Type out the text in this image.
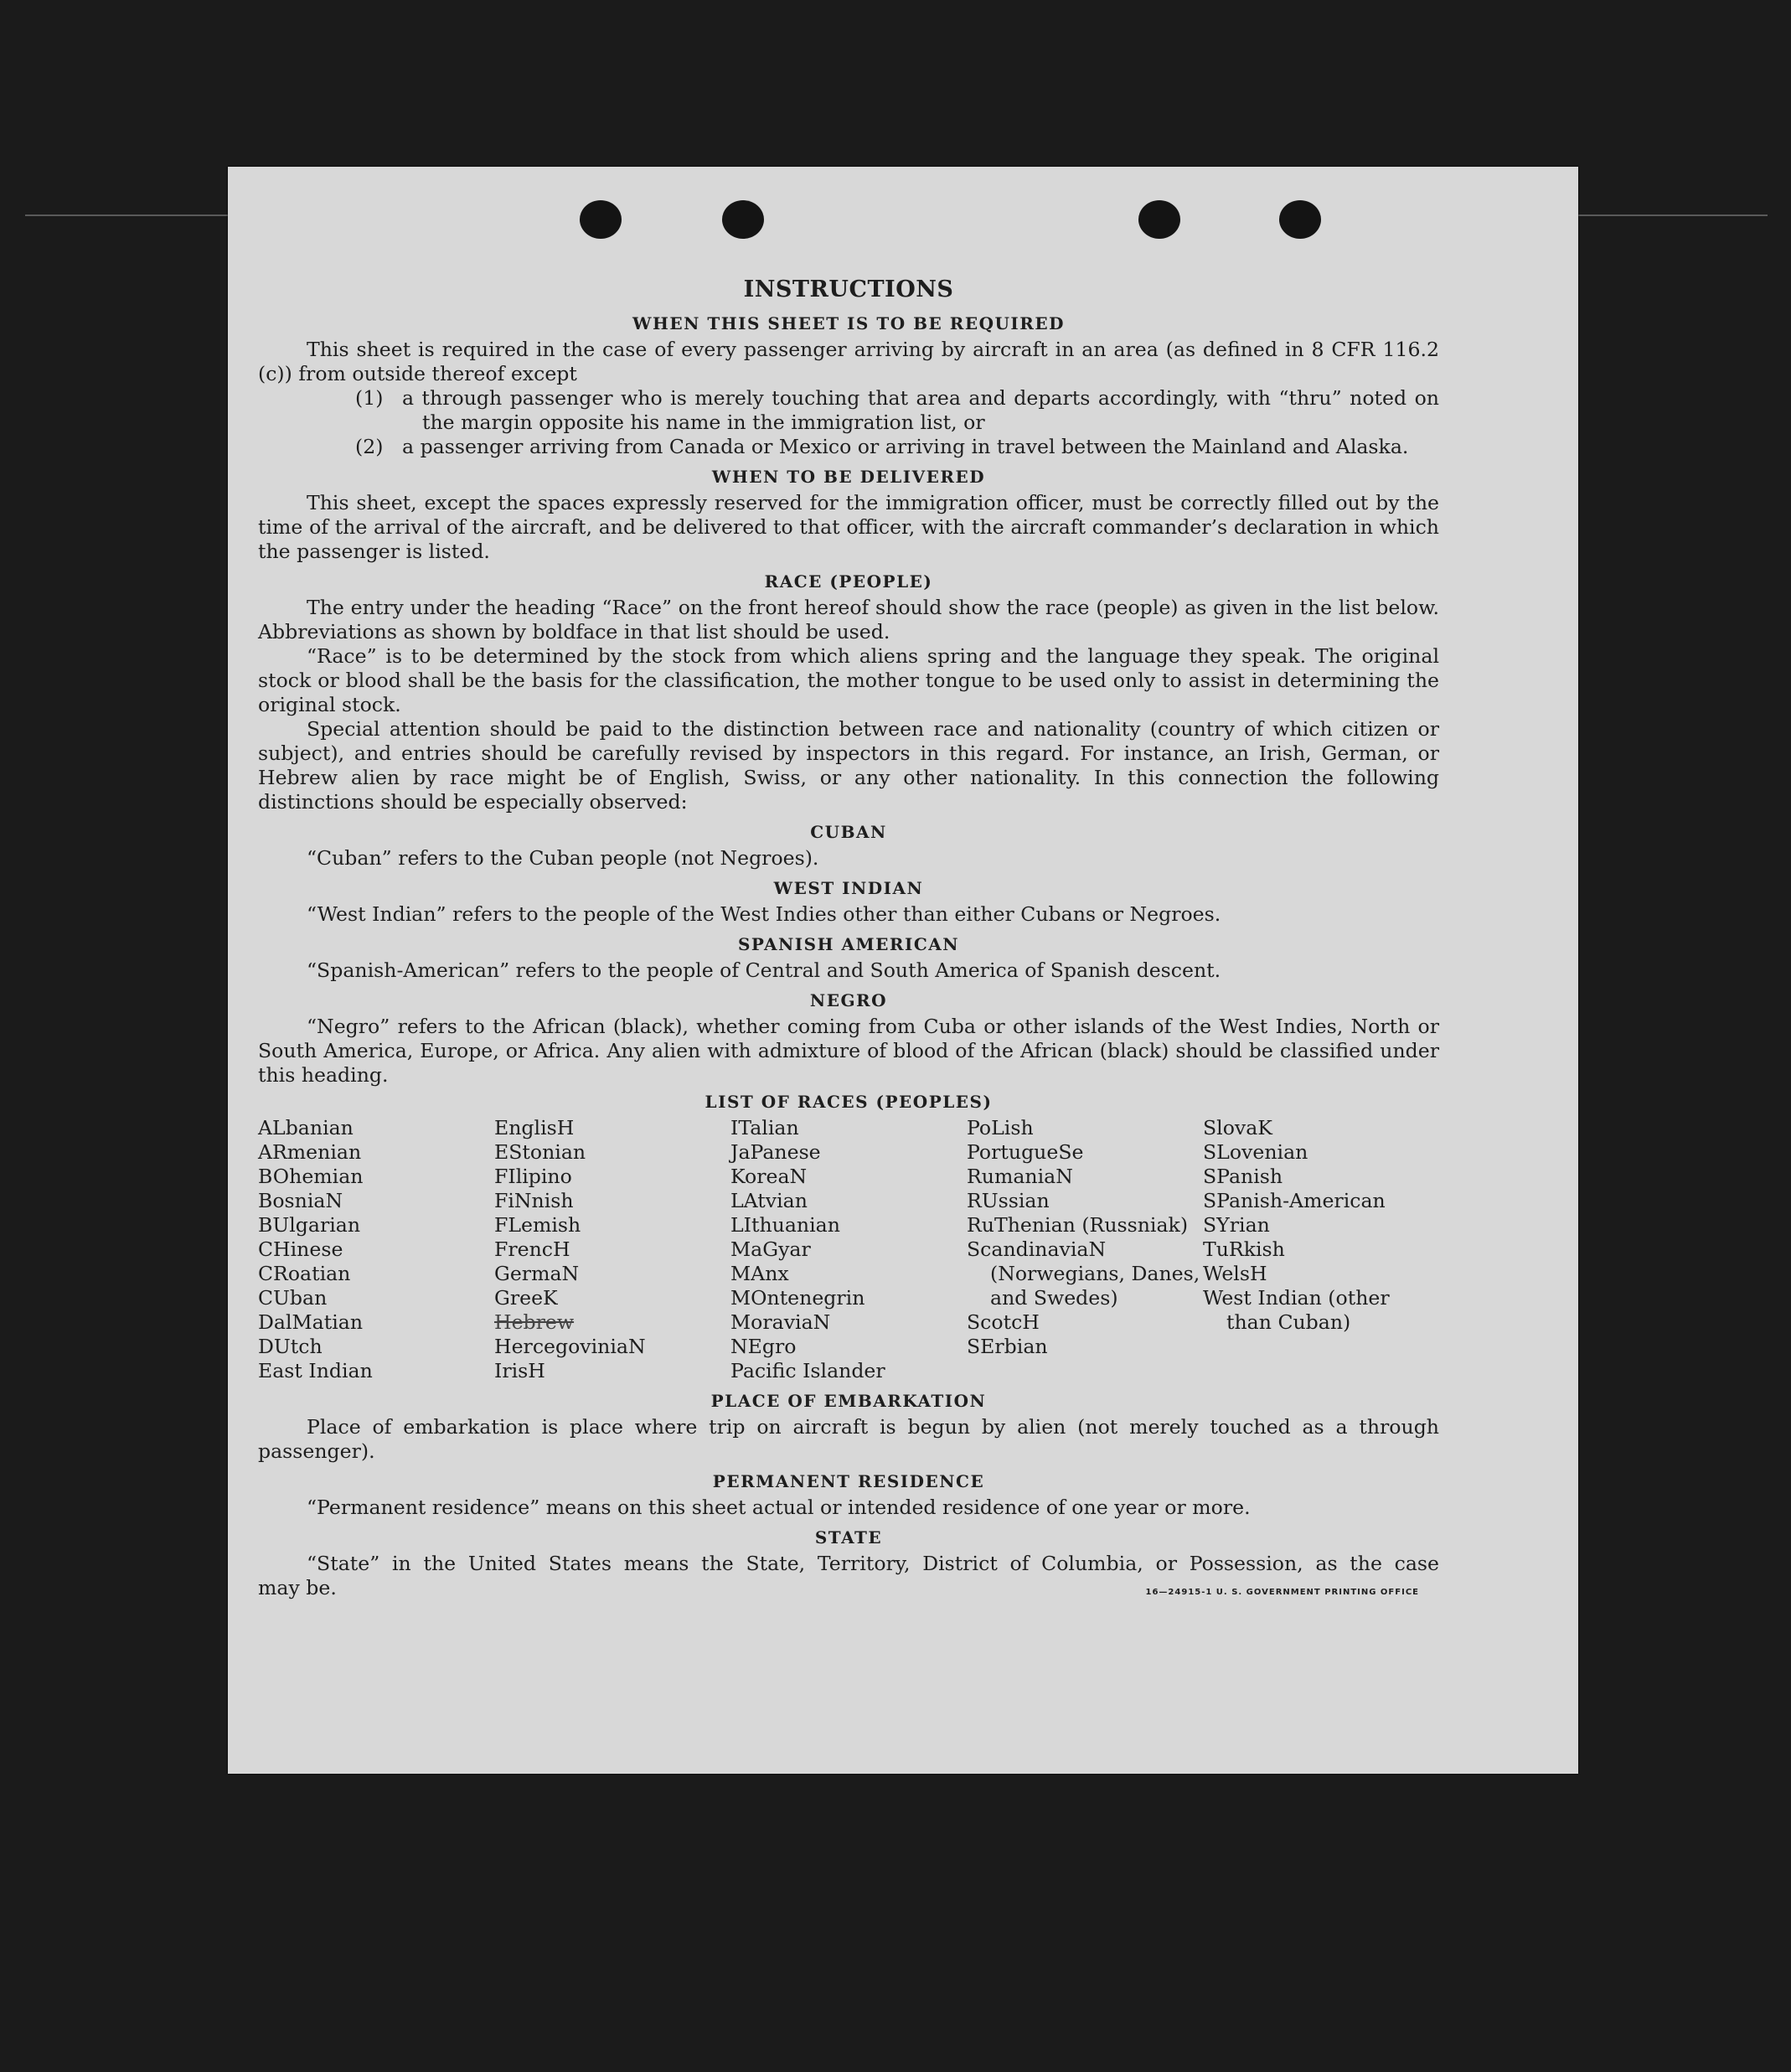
INSTRUCTIONS
WHEN THIS SHEET IS TO BE REQUIRED

This sheet is required in the case of every passenger arriving by aircraft in an area (as defined in 8 CFR 116.2 (c)) from outside thereof except

(1) a through passenger who is merely touching that area and departs accordingly, with “thru” noted on the margin opposite his name in the immigration list, or
(2) a passenger arriving from Canada or Mexico or arriving in travel between the Mainland and Alaska.
WHEN TO BE DELIVERED

This sheet, except the spaces expressly reserved for the immigration officer, must be correctly filled out by the time of the arrival of the aircraft, and be delivered to that officer, with the aircraft commander’s declaration in which the passenger is listed.

RACE (PEOPLE)

The entry under the heading “Race” on the front hereof should show the race (people) as given in the list below. Abbreviations as shown by boldface in that list should be used.

“Race” is to be determined by the stock from which aliens spring and the language they speak. The original stock or blood shall be the basis for the classification, the mother tongue to be used only to assist in determining the original stock.

Special attention should be paid to the distinction between race and nationality (country of which citizen or subject), and entries should be carefully revised by inspectors in this regard. For instance, an Irish, German, or Hebrew alien by race might be of English, Swiss, or any other nationality. In this connection the following distinctions should be especially observed:

CUBAN

“Cuban” refers to the Cuban people (not Negroes).

WEST INDIAN

“West Indian” refers to the people of the West Indies other than either Cubans or Negroes.

SPANISH AMERICAN

“Spanish-American” refers to the people of Central and South America of Spanish descent.

NEGRO

“Negro” refers to the African (black), whether coming from Cuba or other islands of the West Indies, North or South America, Europe, or Africa. Any alien with admixture of blood of the African (black) should be classified under this heading.

LIST OF RACES (PEOPLES)
ALbanian
ARmenian
BOhemian
BosniaN
BUlgarian
CHinese
CRoatian
CUban
DalMatian
DUtch
East Indian
EnglisH
EStonian
FIlipino
FiNnish
FLemish
FrencH
GermaN
GreeK
Hebrew
HercegoviniaN
IrisH
ITalian
JaPanese
KoreaN
LAtvian
LIthuanian
MaGyar
MAnx
MOntenegrin
MoraviaN
NEgro
Pacific Islander
PoLish
PortugueSe
RumaniaN
RUssian
RuThenian (Russniak)
ScandinaviaN (Norwegians, Danes, and Swedes)
ScotcH
SErbian
SlovaK
SLovenian
SPanish
SPanish-American
SYrian
TuRkish
WelsH
West Indian (other than Cuban)
PLACE OF EMBARKATION

Place of embarkation is place where trip on aircraft is begun by alien (not merely touched as a through passenger).

PERMANENT RESIDENCE

“Permanent residence” means on this sheet actual or intended residence of one year or more.

STATE

“State” in the United States means the State, Territory, District of Columbia, or Possession, as the case

may be.	16—24915-1 U. S. GOVERNMENT PRINTING OFFICE
